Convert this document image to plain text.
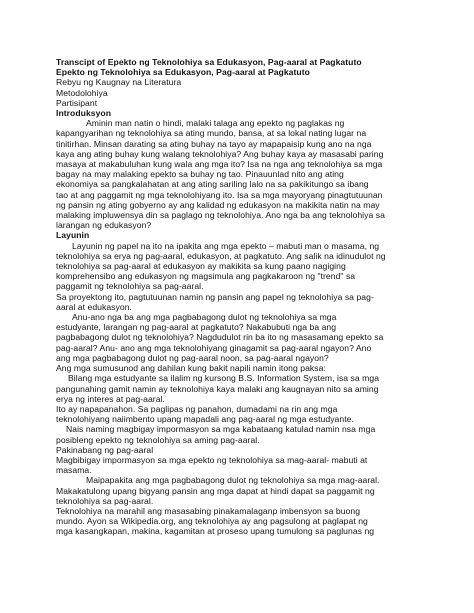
Transcipt of Epekto ng Teknolohiya sa Edukasyon, Pag-aaral at Pagkatuto
Epekto ng Teknolohiya sa Edukasyon, Pag-aaral at Pagkatuto
Rebyu ng Kaugnay na Literatura
Metodolohiya
Partisipant
Introduksyon
Aminin man natin o hindi, malaki talaga ang epekto ng paglakas ng
kapangyarihan ng teknolohiya sa ating mundo, bansa, at sa lokal nating lugar na
tinitirhan. Minsan darating sa ating buhay na tayo ay mapapaisip kung ano na nga
kaya ang ating buhay kung walang teknolohiya? Ang buhay kaya ay masasabi paring
masaya at makabuluhan kung wala ang mga ito? Isa na nga ang teknolohiya sa mga
bagay na may malaking epekto sa buhay ng tao. Pinauunlad nito ang ating
ekonomiya sa pangkalahatan at ang ating sariling lalo na sa pakikitungo sa ibang
tao at ang paggamit ng mga teknolohiyang ito. Isa sa mga mayoryang pinagtutuunan
ng pansin ng ating gobyerno ay ang kalidad ng edukasyon na makikita natin na may
malaking impluwensya din sa paglago ng teknolohiya. Ano nga ba ang teknolohiya sa
larangan ng edukasyon?
Layunin
Layunin ng papel na ito na ipakita ang mga epekto – mabuti man o masama, ng
teknolohiya sa erya ng pag-aaral, edukasyon, at pagkatuto. Ang salik na idinudulot ng
teknolohiya sa pag-aaral at edukasyon ay makikita sa kung paano nagiging
komprehensibo ang edukasyon ng magsimula ang pagkakaroon ng "trend" sa
paggamit ng teknolohiya sa pag-aaral.
Sa proyektong ito, pagtutuunan namin ng pansin ang papel ng teknolohiya sa pag-
aaral at edukasyon.
Anu-ano nga ba ang mga pagbabagong dulot ng teknolohiya sa mga
estudyante, larangan ng pag-aaral at pagkatuto? Nakabubuti nga ba ang
pagbabagong dulot ng teknolohiya? Nagdudulot rin ba ito ng masasamang epekto sa
pag-aaral? Anu- ano ang mga teknolohiyang ginagamit sa pag-aaral ngayon? Ano
ang mga pagbabagong dulot ng pag-aaral noon, sa pag-aaral ngayon?
Ang mga sumusunod ang dahilan kung bakit napili namin itong paksa:
Bilang mga estudyante sa ilalim ng kursong B.S. Information System, isa sa mga
pangunahing gamit namin ay teknolohiya kaya malaki ang kaugnayan nito sa aming
erya ng interes at pag-aaral.
Ito ay napapanahon. Sa paglipas ng panahon, dumadami na rin ang mga
teknolohiyang naiimbento upang mapadali ang pag-aaral ng mga estudyante.
Nais naming magbigay impormasyon sa mga kabataang katulad namin nsa mga
posibleng epekto ng teknolohiya sa aming pag-aaral.
Pakinabang ng pag-aaral
Magbibigay impormasyon sa mga epekto ng teknolohiya sa mag-aaral- mabuti at
masama.
Maipapakita ang mga pagbabagong dulot ng teknolohiya sa mga mag-aaral.
Makakatulong upang bigyang pansin ang mga dapat at hindi dapat sa paggamit ng
teknolohiya sa pag-aaral.
Teknolohiya na marahil ang masasabing pinakamalaganp imbensyon sa buong
mundo. Ayon sa Wikipedia.org, ang teknolohiya ay ang pagsulong at paglapat ng
mga kasangkapan, makina, kagamitan at proseso upang tumulong sa paglunas ng
